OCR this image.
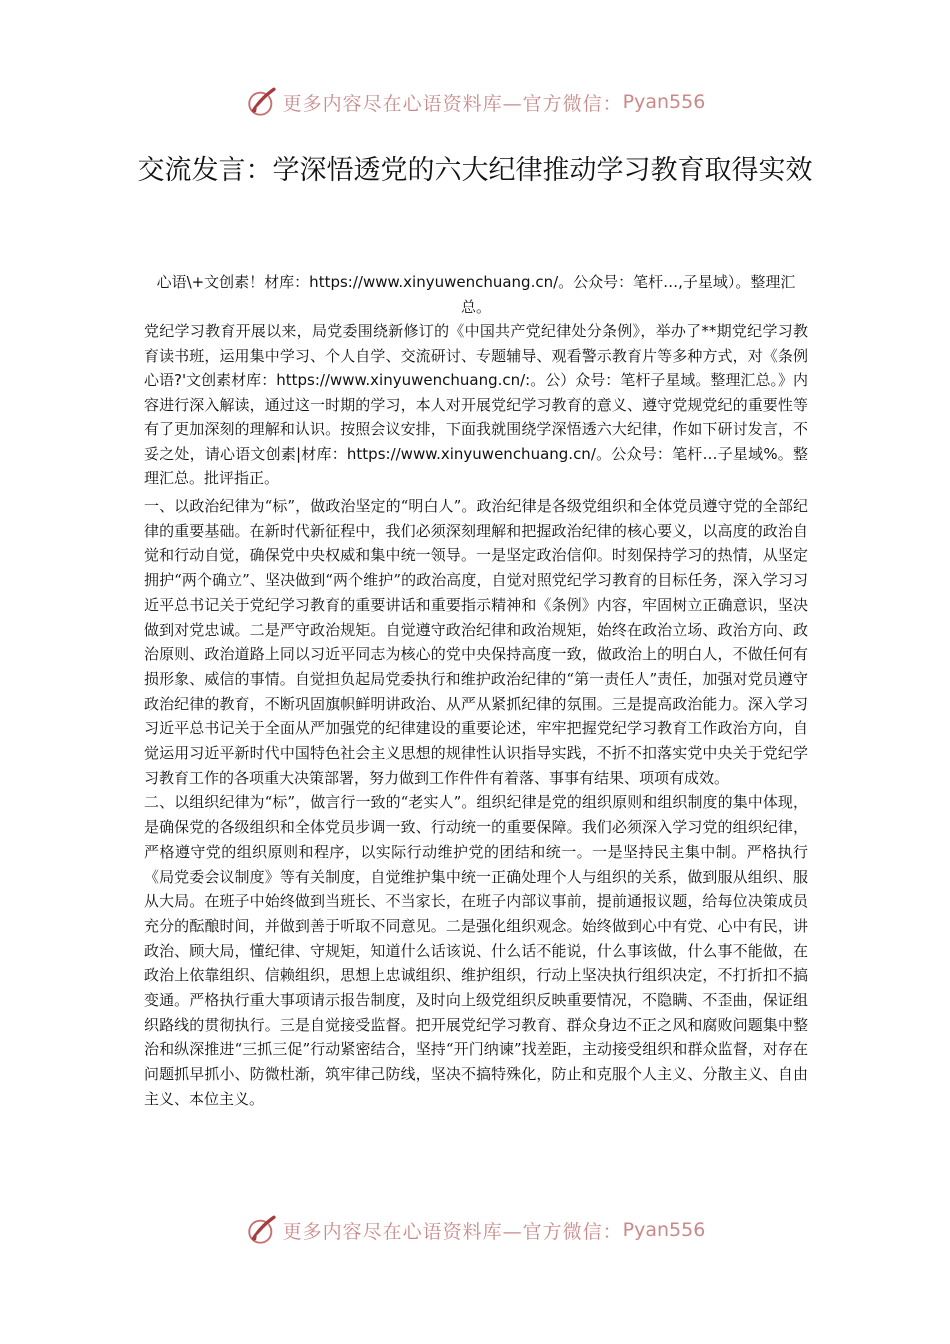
更多内容尽在心语资料库—官方微信： Pyan556
交流发言：学深悟透党的六大纪律推动学习教育取得实效

心语\+文创素！材库：https://www.xinyuwenchuang.cn/。公众号：笔杆…,子星域）。整理汇总。

党纪学习教育开展以来，局党委围绕新修订的《中国共产党纪律处分条例》，举办了**期党纪学习教育读书班，运用集中学习、个人自学、交流研讨、专题辅导、观看警示教育片等多种方式，对《条例心语?'文创素材库：https://www.xinyuwenchuang.cn/:。公）众号：笔杆子星域。整理汇总。》内容进行深入解读，通过这一时期的学习，本人对开展党纪学习教育的意义、遵守党规党纪的重要性等有了更加深刻的理解和认识。按照会议安排，下面我就围绕学深悟透六大纪律，作如下研讨发言，不妥之处，请心语文创素|材库：https://www.xinyuwenchuang.cn/。公众号：笔杆…子星域%。整理汇总。批评指正。

一、以政治纪律为“标”，做政治坚定的“明白人”。政治纪律是各级党组织和全体党员遵守党的全部纪律的重要基础。在新时代新征程中，我们必须深刻理解和把握政治纪律的核心要义，以高度的政治自觉和行动自觉，确保党中央权威和集中统一领导。一是坚定政治信仰。时刻保持学习的热情，从坚定拥护“两个确立”、坚决做到“两个维护”的政治高度，自觉对照党纪学习教育的目标任务，深入学习习近平总书记关于党纪学习教育的重要讲话和重要指示精神和《条例》内容，牢固树立正确意识，坚决做到对党忠诚。二是严守政治规矩。自觉遵守政治纪律和政治规矩，始终在政治立场、政治方向、政治原则、政治道路上同以习近平同志为核心的党中央保持高度一致，做政治上的明白人，不做任何有损形象、威信的事情。自觉担负起局党委执行和维护政治纪律的“第一责任人”责任，加强对党员遵守政治纪律的教育，不断巩固旗帜鲜明讲政治、从严从紧抓纪律的氛围。三是提高政治能力。深入学习习近平总书记关于全面从严加强党的纪律建设的重要论述，牢牢把握党纪学习教育工作政治方向，自觉运用习近平新时代中国特色社会主义思想的规律性认识指导实践，不折不扣落实党中央关于党纪学习教育工作的各项重大决策部署，努力做到工作件件有着落、事事有结果、项项有成效。

二、以组织纪律为“标”，做言行一致的“老实人”。组织纪律是党的组织原则和组织制度的集中体现，是确保党的各级组织和全体党员步调一致、行动统一的重要保障。我们必须深入学习党的组织纪律，严格遵守党的组织原则和程序，以实际行动维护党的团结和统一。一是坚持民主集中制。严格执行《局党委会议制度》等有关制度，自觉维护集中统一正确处理个人与组织的关系，做到服从组织、服从大局。在班子中始终做到当班长、不当家长，在班子内部议事前，提前通报议题，给每位决策成员充分的酝酿时间，并做到善于听取不同意见。二是强化组织观念。始终做到心中有党、心中有民，讲政治、顾大局，懂纪律、守规矩，知道什么话该说、什么话不能说，什么事该做，什么事不能做，在政治上依靠组织、信赖组织，思想上忠诚组织、维护组织，行动上坚决执行组织决定，不打折扣不搞变通。严格执行重大事项请示报告制度，及时向上级党组织反映重要情况，不隐瞒、不歪曲，保证组织路线的贯彻执行。三是自觉接受监督。把开展党纪学习教育、群众身边不正之风和腐败问题集中整治和纵深推进“三抓三促”行动紧密结合，坚持“开门纳谏”找差距，主动接受组织和群众监督，对存在问题抓早抓小、防微杜渐，筑牢律己防线，坚决不搞特殊化，防止和克服个人主义、分散主义、自由主义、本位主义。

更多内容尽在心语资料库—官方微信： Pyan556
